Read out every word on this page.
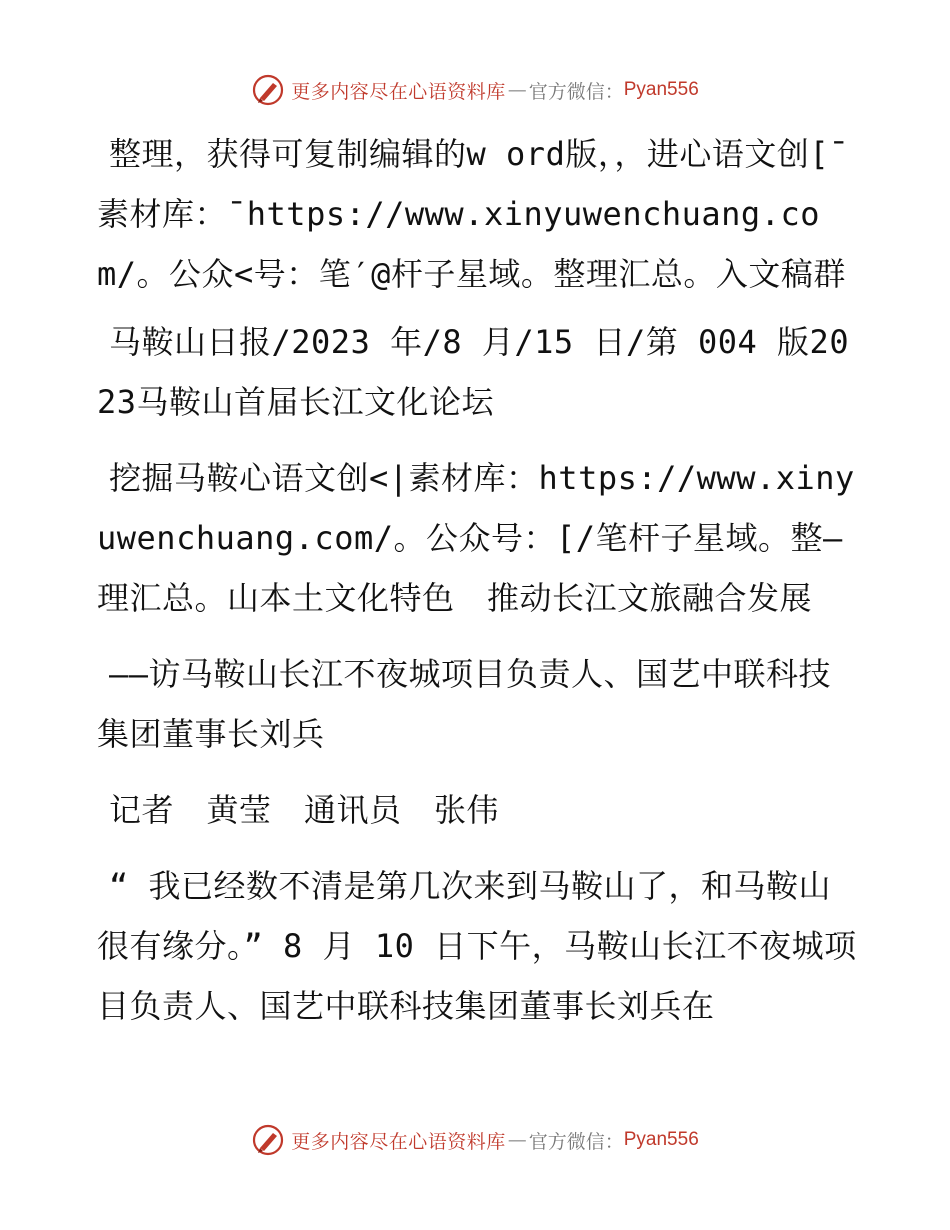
更多内容尽在心语资料库 — 官方微信： Pyan556

整理，获得可复制编辑的w ord版，，进心语文创[¯素材库：¯https://www.xinyuwenchuang.com/。公众<号：笔′@杆子星域。整理汇总。入文稿群

马鞍山日报/2023 年/8 月/15 日/第 004 版2023马鞍山首届长江文化论坛

挖掘马鞍心语文创<|素材库：https://www.xinyuwenchuang.com/。公众号：[/笔杆子星域。整—理汇总。山本土文化特色　推动长江文旅融合发展

——访马鞍山长江不夜城项目负责人、国艺中联科技集团董事长刘兵

记者　黄莹　通讯员　张伟

“ 我已经数不清是第几次来到马鞍山了，和马鞍山很有缘分。” 8 月 10 日下午，马鞍山长江不夜城项目负责人、国艺中联科技集团董事长刘兵在

更多内容尽在心语资料库 — 官方微信： Pyan556
